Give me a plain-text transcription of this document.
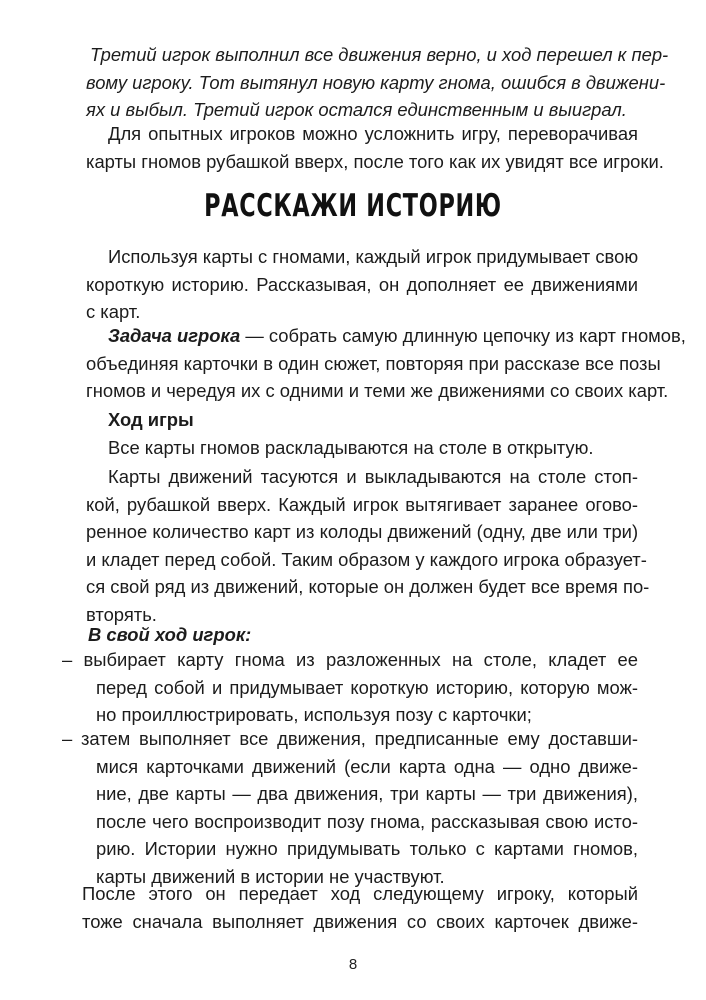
Третий игрок выполнил все движения верно, и ход перешел к пер-
вому игроку. Тот вытянул новую карту гнома, ошибся в движени-
ях и выбыл. Третий игрок остался единственным и выиграл.
Для опытных игроков можно усложнить игру, переворачивая
карты гномов рубашкой вверх, после того как их увидят все игроки.
РАССКАЖИ ИСТОРИЮ
Используя карты с гномами, каждый игрок придумывает свою
короткую историю. Рассказывая, он дополняет ее движениями
с карт.
Задача игрока — собрать самую длинную цепочку из карт гномов,
объединяя карточки в один сюжет, повторяя при рассказе все позы
гномов и чередуя их с одними и теми же движениями со своих карт.
Ход игры
Все карты гномов раскладываются на столе в открытую.
Карты движений тасуются и выкладываются на столе стоп-
кой, рубашкой вверх. Каждый игрок вытягивает заранее огово-
ренное количество карт из колоды движений (одну, две или три)
и кладет перед собой. Таким образом у каждого игрока образует-
ся свой ряд из движений, которые он должен будет все время по-
вторять.
В свой ход игрок:
– выбирает карту гнома из разложенных на столе, кладет ее
перед собой и придумывает короткую историю, которую мож-
но проиллюстрировать, используя позу с карточки;
– затем выполняет все движения, предписанные ему доставши-
мися карточками движений (если карта одна — одно движе-
ние, две карты — два движения, три карты — три движения),
после чего воспроизводит позу гнома, рассказывая свою исто-
рию. Истории нужно придумывать только с картами гномов,
карты движений в истории не участвуют.
После этого он передает ход следующему игроку, который
тоже сначала выполняет движения со своих карточек движе-
8
